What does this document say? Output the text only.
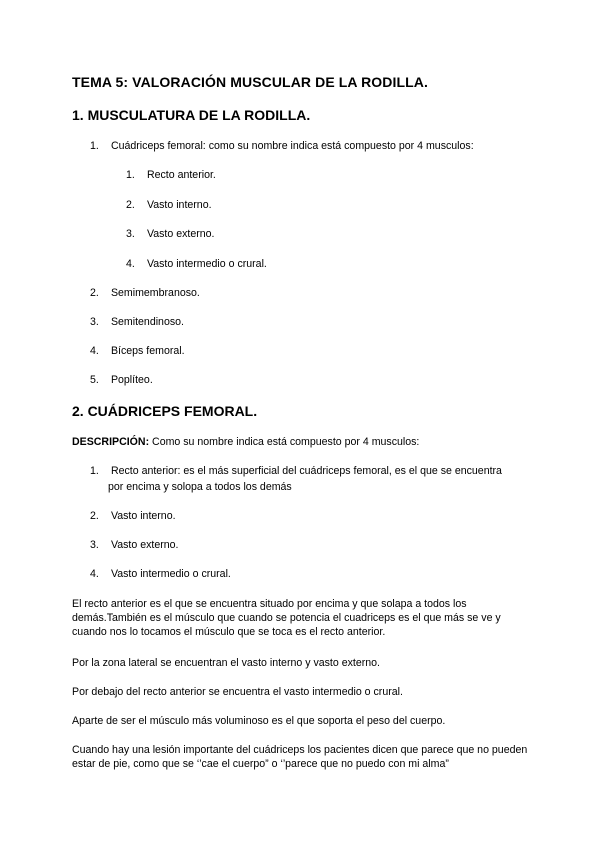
TEMA 5: VALORACIÓN MUSCULAR DE LA RODILLA.
1. MUSCULATURA DE LA RODILLA.
1. Cuádriceps femoral: como su nombre indica está compuesto por 4 musculos:
1. Recto anterior.
2. Vasto interno.
3. Vasto externo.
4. Vasto intermedio o crural.
2. Semimembranoso.
3. Semitendinoso.
4. Bíceps femoral.
5. Poplíteo.
2. CUÁDRICEPS FEMORAL.
DESCRIPCIÓN: Como su nombre indica está compuesto por 4 musculos:
1. Recto anterior: es el más superficial del cuádriceps femoral, es el que se encuentra
por encima y solopa a todos los demás
2. Vasto interno.
3. Vasto externo.
4. Vasto intermedio o crural.
El recto anterior es el que se encuentra situado por encima y que solapa a todos los demás.También es el músculo que cuando se potencia el cuadriceps es el que más se ve y cuando nos lo tocamos el músculo que se toca es el recto anterior.
Por la zona lateral se encuentran el vasto interno y vasto externo.
Por debajo del recto anterior se encuentra el vasto intermedio o crural.
Aparte de ser el músculo más voluminoso es el que soporta el peso del cuerpo.
Cuando hay una lesión importante del cuádriceps los pacientes dicen que parece que no pueden estar de pie, como que se ‘’cae el cuerpo” o ‘’parece que no puedo con mi alma”
